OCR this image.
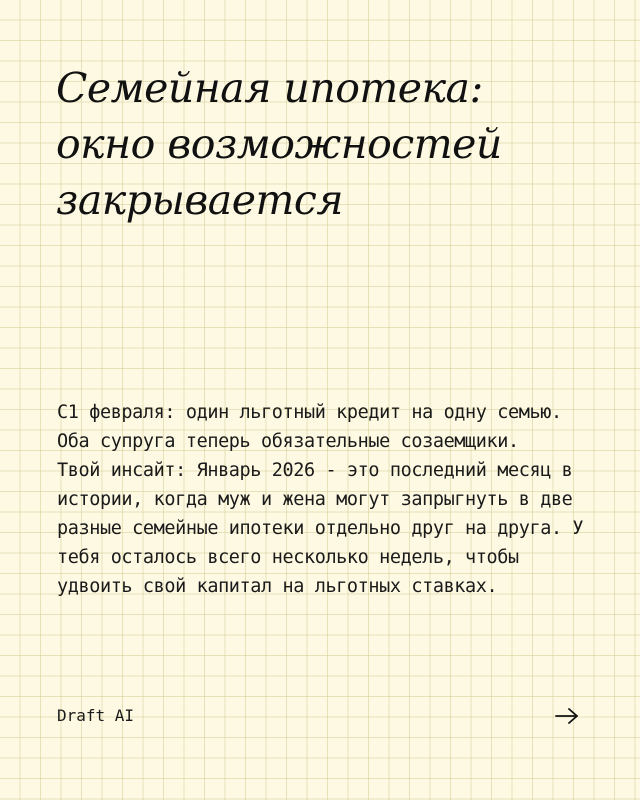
Семейная ипотека:
окно возможностей
закрывается

С1 февраля: один льготный кредит на одну семью. Оба супруга теперь обязательные созаемщики.

Твой инсайт: Январь 2026 - это последний месяц в истории, когда муж и жена могут запрыгнуть в две разные семейные ипотеки отдельно друг на друга. У тебя осталось всего несколько недель, чтобы удвоить свой капитал на льготных ставках.

Draft AI
